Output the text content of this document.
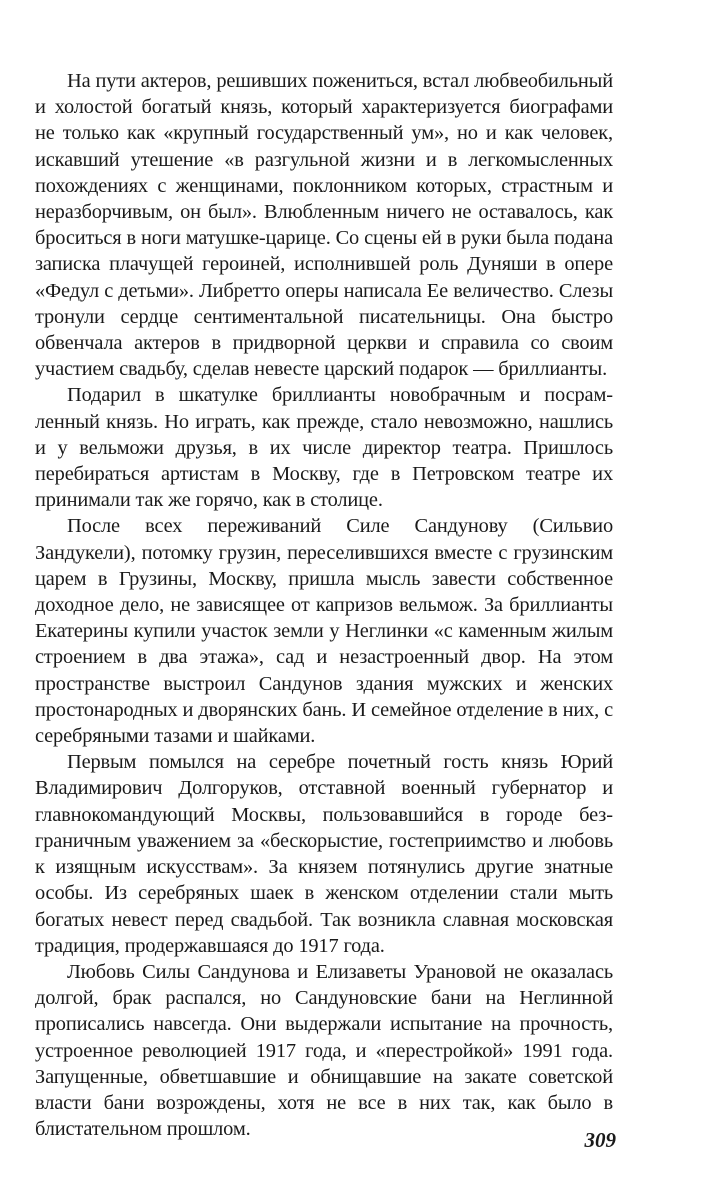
На пути актеров, решивших пожениться, встал любвеобильный и холостой богатый князь, который характеризуется биографами не только как «крупный государственный ум», но и как человек, искавший утешение «в разгульной жизни и в легкомысленных похождениях с женщинами, поклонником которых, страстным и неразборчивым, он был». Влюбленным ничего не оставалось, как броситься в ноги матушке-царице. Со сцены ей в руки была подана записка плачущей героиней, исполнившей роль Дуняши в опере «Федул с детьми». Либретто оперы написала Ее величество. Слезы тронули сердце сентиментальной писательницы. Она быстро обвенчала актеров в придворной церкви и справила со своим участием свадьбу, сделав невесте царский подарок — бриллианты.

Подарил в шкатулке бриллианты новобрачным и посрамленный князь. Но играть, как прежде, стало невозможно, нашлись и у вельможи друзья, в их числе директор театра. Пришлось перебираться артистам в Москву, где в Петровском театре их принимали так же горячо, как в столице.

После всех переживаний Силе Сандунову (Сильвио Зандукели), потомку грузин, переселившихся вместе с грузинским царем в Грузины, Москву, пришла мысль завести собственное доходное дело, не зависящее от капризов вельмож. За бриллианты Екатерины купили участок земли у Неглинки «с каменным жилым строением в два этажа», сад и незастроенный двор. На этом пространстве выстроил Сандунов здания мужских и женских простонародных и дворянских бань. И семейное отделение в них, с серебряными тазами и шайками.

Первым помылся на серебре почетный гость князь Юрий Владимирович Долгоруков, отставной военный губернатор и главнокомандующий Москвы, пользовавшийся в городе безграничным уважением за «бескорыстие, гостеприимство и любовь к изящным искусствам». За князем потянулись другие знатные особы. Из серебряных шаек в женском отделении стали мыть богатых невест перед свадьбой. Так возникла славная московская традиция, продержавшаяся до 1917 года.

Любовь Силы Сандунова и Елизаветы Урановой не оказалась долгой, брак распался, но Сандуновские бани на Неглинной прописались навсегда. Они выдержали испытание на прочность, устроенное революцией 1917 года, и «перестройкой» 1991 года. Запущенные, обветшавшие и обнищавшие на закате советской власти бани возрождены, хотя не все в них так, как было в блистательном прошлом.	309
